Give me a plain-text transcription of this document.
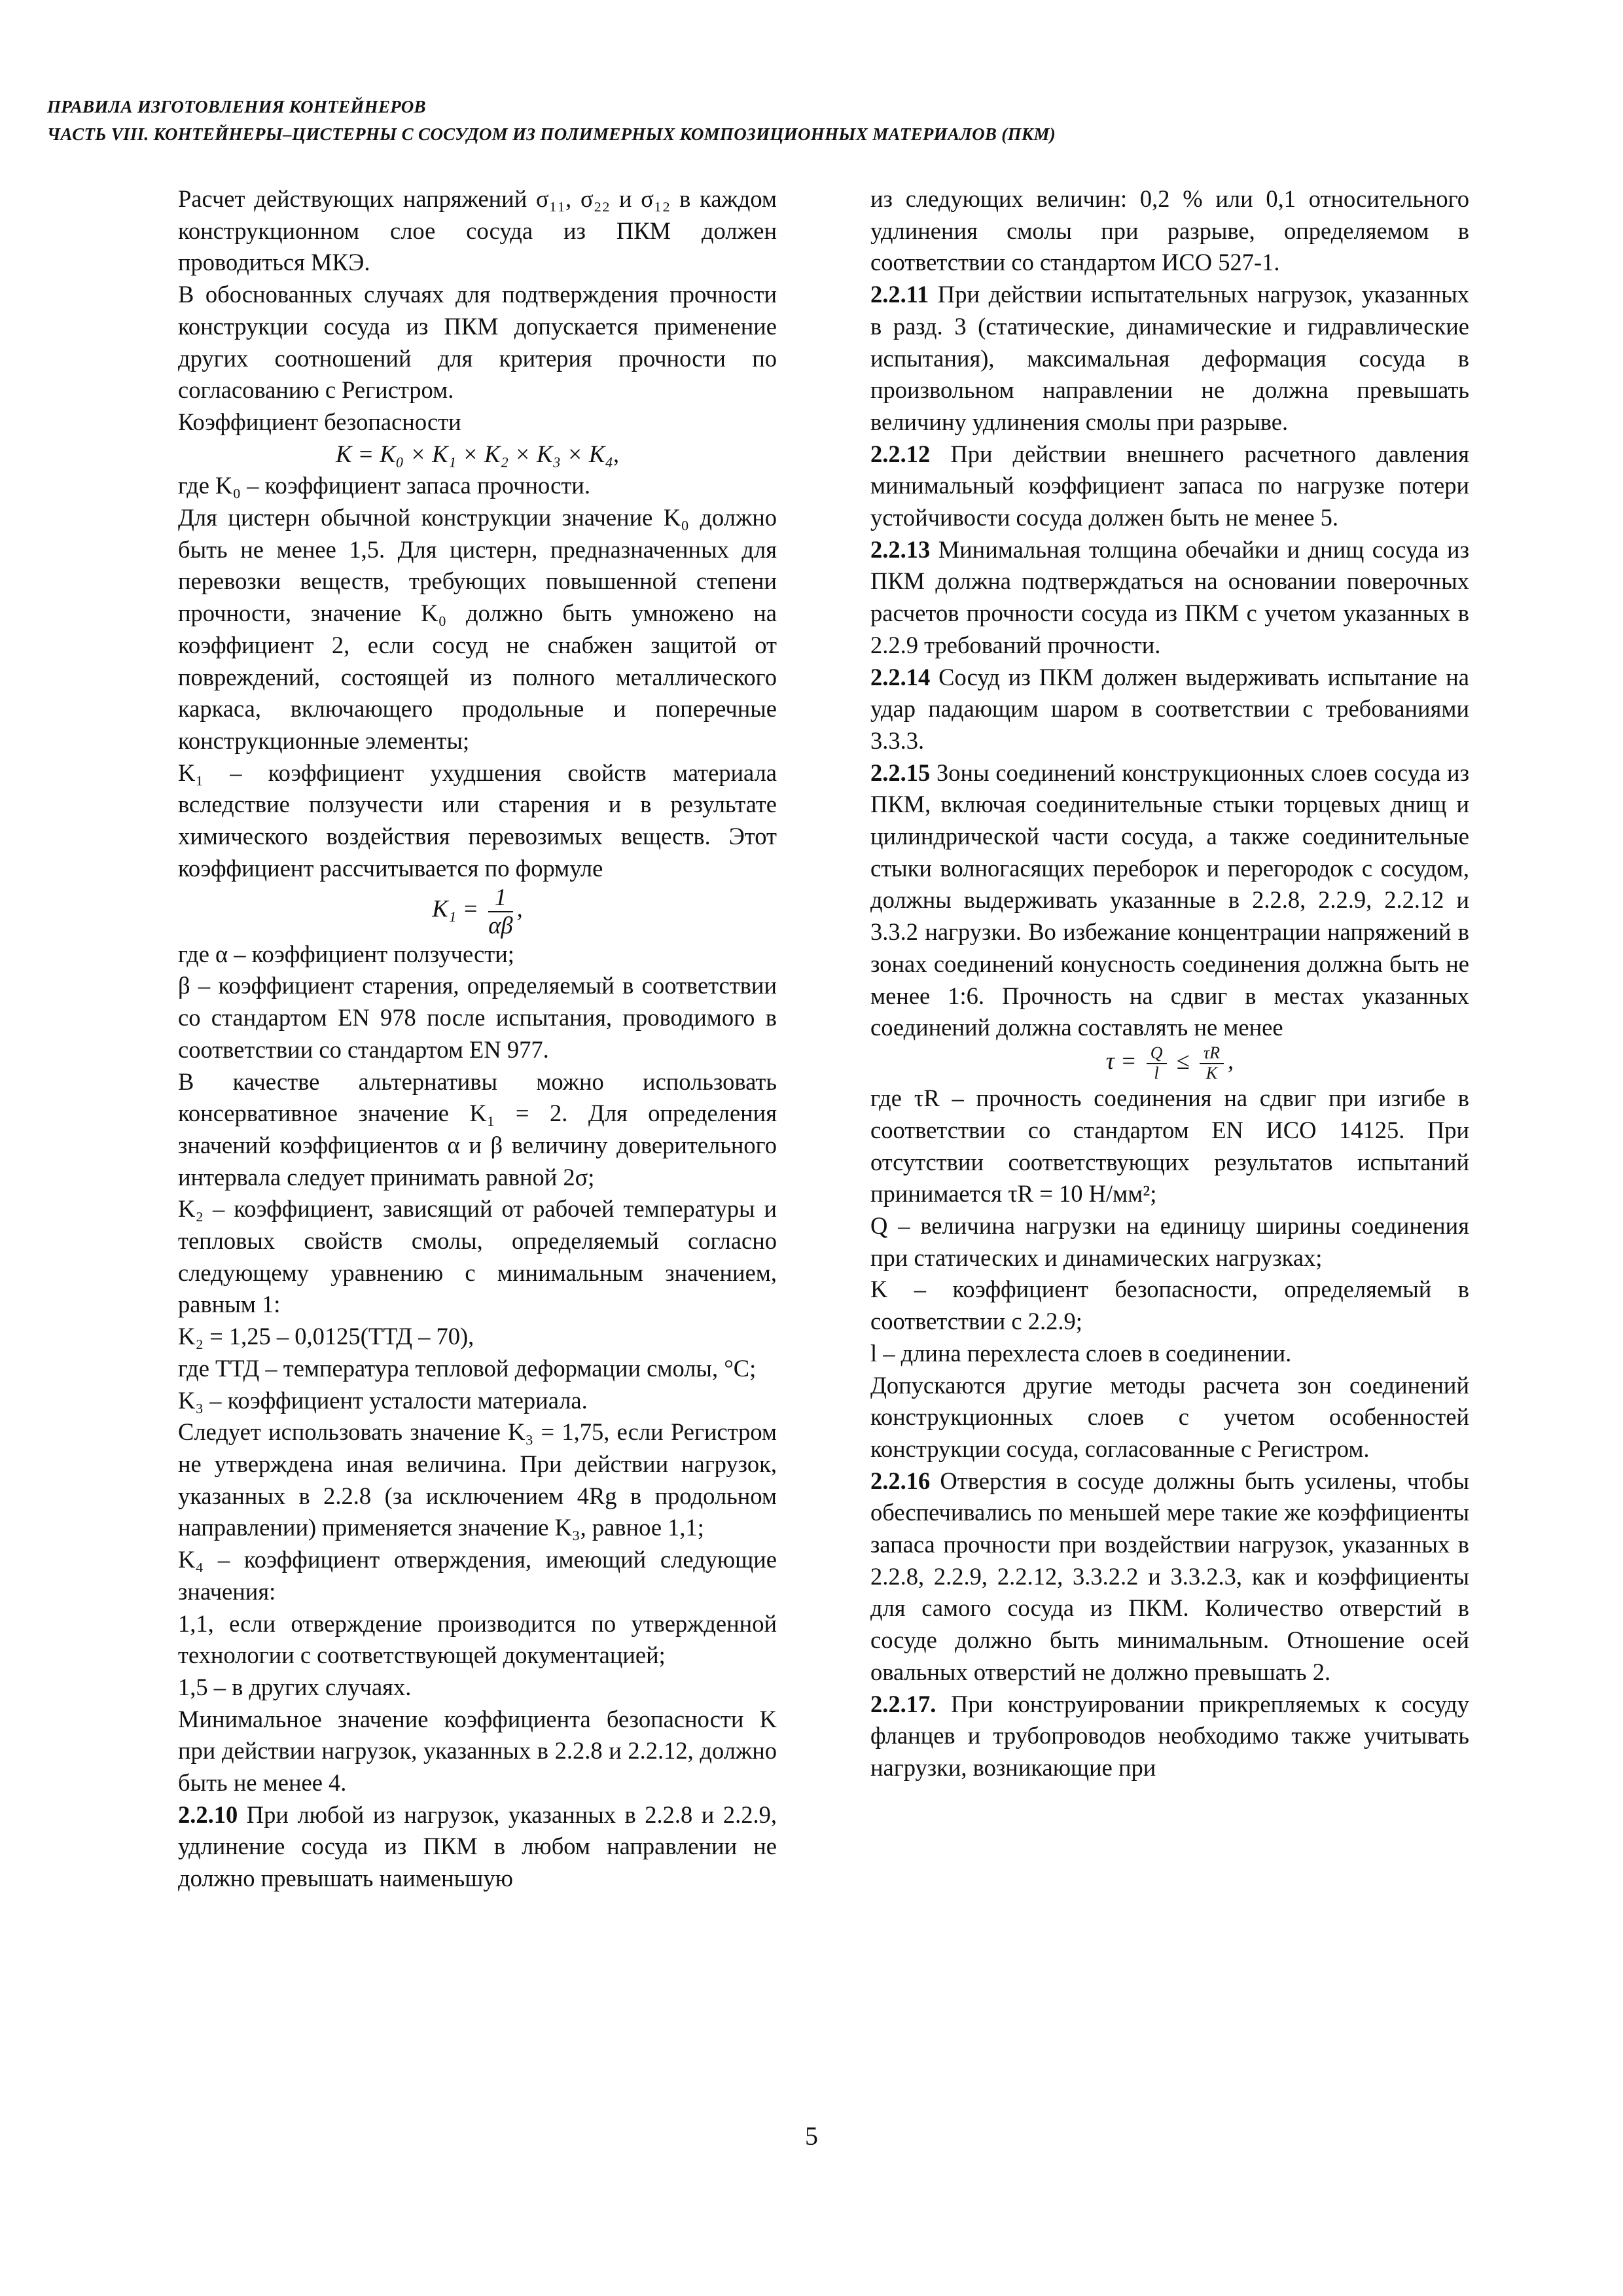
ПРАВИЛА ИЗГОТОВЛЕНИЯ КОНТЕЙНЕРОВ
ЧАСТЬ VIII. КОНТЕЙНЕРЫ–ЦИСТЕРНЫ С СОСУДОМ ИЗ ПОЛИМЕРНЫХ КОМПОЗИЦИОННЫХ МАТЕРИАЛОВ (ПКМ)

Расчет действующих напряжений σ₁₁, σ₂₂ и σ₁₂ в каждом конструкционном слое сосуда из ПКМ должен проводиться МКЭ.

В обоснованных случаях для подтверждения прочности конструкции сосуда из ПКМ допускается применение других соотношений для критерия прочности по согласованию с Регистром.

Коэффициент безопасности

K = K₀ × K₁ × K₂ × K₃ × K₄,

где K₀ – коэффициент запаса прочности.

Для цистерн обычной конструкции значение K₀ должно быть не менее 1,5. Для цистерн, предназначенных для перевозки веществ, требующих повышенной степени прочности, значение K₀ должно быть умножено на коэффициент 2, если сосуд не снабжен защитой от повреждений, состоящей из полного металлического каркаса, включающего продольные и поперечные конструкционные элементы;

K₁ – коэффициент ухудшения свойств материала вследствие ползучести или старения и в результате химического воздействия перевозимых веществ. Этот коэффициент рассчитывается по формуле

$K_1 = \frac{1}{\alpha\beta}$ ,

где α – коэффициент ползучести;

β – коэффициент старения, определяемый в соответствии со стандартом EN 978 после испытания, проводимого в соответствии со стандартом EN 977.

В качестве альтернативы можно использовать консервативное значение K₁ = 2. Для определения значений коэффициентов α и β величину доверительного интервала следует принимать равной 2σ;

K₂ – коэффициент, зависящий от рабочей температуры и тепловых свойств смолы, определяемый согласно следующему уравнению с минимальным значением, равным 1:

K₂ = 1,25 – 0,0125(ТТД – 70),

где ТТД – температура тепловой деформации смолы, °C;

K₃ – коэффициент усталости материала.

Следует использовать значение K₃ = 1,75, если Регистром не утверждена иная величина. При действии нагрузок, указанных в 2.2.8 (за исключением 4Rg в продольном направлении) применяется значение K₃, равное 1,1;

K₄ – коэффициент отверждения, имеющий следующие значения:

1,1, если отверждение производится по утвержденной технологии с соответствующей документацией;

1,5 – в других случаях.

Минимальное значение коэффициента безопасности K при действии нагрузок, указанных в 2.2.8 и 2.2.12, должно быть не менее 4.

2.2.10 При любой из нагрузок, указанных в 2.2.8 и 2.2.9, удлинение сосуда из ПКМ в любом направлении не должно превышать наименьшую

из следующих величин: 0,2 % или 0,1 относительного удлинения смолы при разрыве, определяемом в соответствии со стандартом ИСО 527-1.

2.2.11 При действии испытательных нагрузок, указанных в разд. 3 (статические, динамические и гидравлические испытания), максимальная деформация сосуда в произвольном направлении не должна превышать величину удлинения смолы при разрыве.

2.2.12 При действии внешнего расчетного давления минимальный коэффициент запаса по нагрузке потери устойчивости сосуда должен быть не менее 5.

2.2.13 Минимальная толщина обечайки и днищ сосуда из ПКМ должна подтверждаться на основании поверочных расчетов прочности сосуда из ПКМ с учетом указанных в 2.2.9 требований прочности.

2.2.14 Сосуд из ПКМ должен выдерживать испытание на удар падающим шаром в соответствии с требованиями 3.3.3.

2.2.15 Зоны соединений конструкционных слоев сосуда из ПКМ, включая соединительные стыки торцевых днищ и цилиндрической части сосуда, а также соединительные стыки волногасящих переборок и перегородок с сосудом, должны выдерживать указанные в 2.2.8, 2.2.9, 2.2.12 и 3.3.2 нагрузки. Во избежание концентрации напряжений в зонах соединений конусность соединения должна быть не менее 1:6. Прочность на сдвиг в местах указанных соединений должна составлять не менее

$\tau = \frac{Q}{l} \le \frac{\tau R}{K}$ ,

где τR – прочность соединения на сдвиг при изгибе в соответствии со стандартом EN ИСО 14125. При отсутствии соответствующих результатов испытаний принимается τR = 10 Н/мм²;

Q – величина нагрузки на единицу ширины соединения при статических и динамических нагрузках;

K – коэффициент безопасности, определяемый в соответствии с 2.2.9;

l – длина перехлеста слоев в соединении.

Допускаются другие методы расчета зон соединений конструкционных слоев с учетом особенностей конструкции сосуда, согласованные с Регистром.

2.2.16 Отверстия в сосуде должны быть усилены, чтобы обеспечивались по меньшей мере такие же коэффициенты запаса прочности при воздействии нагрузок, указанных в 2.2.8, 2.2.9, 2.2.12, 3.3.2.2 и 3.3.2.3, как и коэффициенты для самого сосуда из ПКМ. Количество отверстий в сосуде должно быть минимальным. Отношение осей овальных отверстий не должно превышать 2.

2.2.17. При конструировании прикрепляемых к сосуду фланцев и трубопроводов необходимо также учитывать нагрузки, возникающие при

5
